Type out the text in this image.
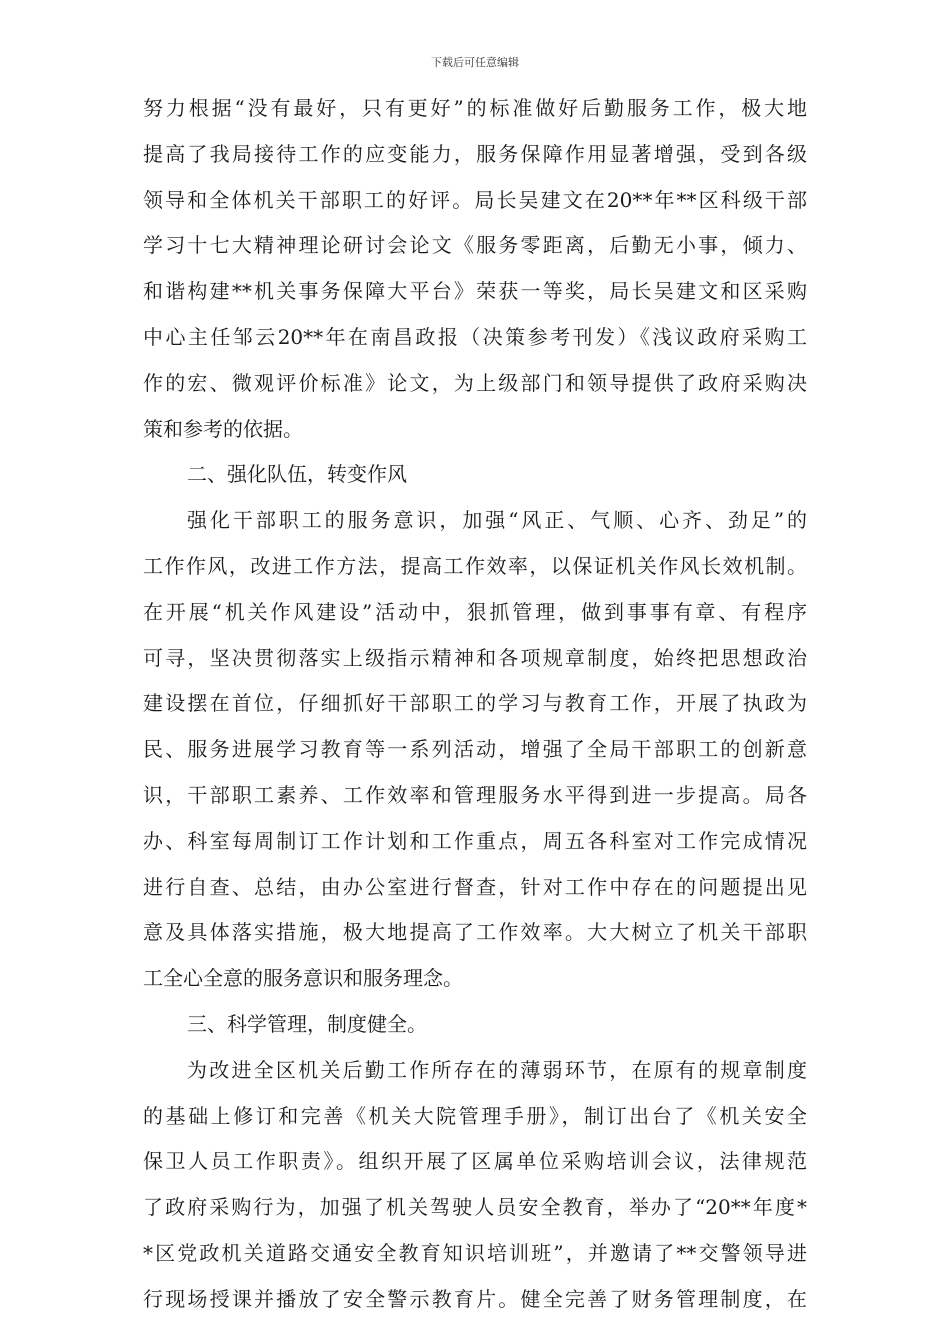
下载后可任意编辑
努力根据“没有最好，只有更好”的标准做好后勤服务工作，极大地
提高了我局接待工作的应变能力，服务保障作用显著增强，受到各级
领导和全体机关干部职工的好评。局长吴建文在20**年**区科级干部
学习十七大精神理论研讨会论文《服务零距离，后勤无小事，倾力、
和谐构建**机关事务保障大平台》荣获一等奖，局长吴建文和区采购
中心主任邹云20**年在南昌政报（决策参考刊发）《浅议政府采购工
作的宏、微观评价标准》论文，为上级部门和领导提供了政府采购决
策和参考的依据。
二、强化队伍，转变作风
强化干部职工的服务意识，加强“风正、气顺、心齐、劲足”的
工作作风，改进工作方法，提高工作效率，以保证机关作风长效机制。
在开展“机关作风建设”活动中，狠抓管理，做到事事有章、有程序
可寻，坚决贯彻落实上级指示精神和各项规章制度，始终把思想政治
建设摆在首位，仔细抓好干部职工的学习与教育工作，开展了执政为
民、服务进展学习教育等一系列活动，增强了全局干部职工的创新意
识，干部职工素养、工作效率和管理服务水平得到进一步提高。局各
办、科室每周制订工作计划和工作重点，周五各科室对工作完成情况
进行自查、总结，由办公室进行督查，针对工作中存在的问题提出见
意及具体落实措施，极大地提高了工作效率。大大树立了机关干部职
工全心全意的服务意识和服务理念。
三、科学管理，制度健全。
为改进全区机关后勤工作所存在的薄弱环节，在原有的规章制度
的基础上修订和完善《机关大院管理手册》，制订出台了《机关安全
保卫人员工作职责》。组织开展了区属单位采购培训会议，法律规范
了政府采购行为，加强了机关驾驶人员安全教育，举办了“20**年度*
*区党政机关道路交通安全教育知识培训班”，并邀请了**交警领导进
行现场授课并播放了安全警示教育片。健全完善了财务管理制度，在
